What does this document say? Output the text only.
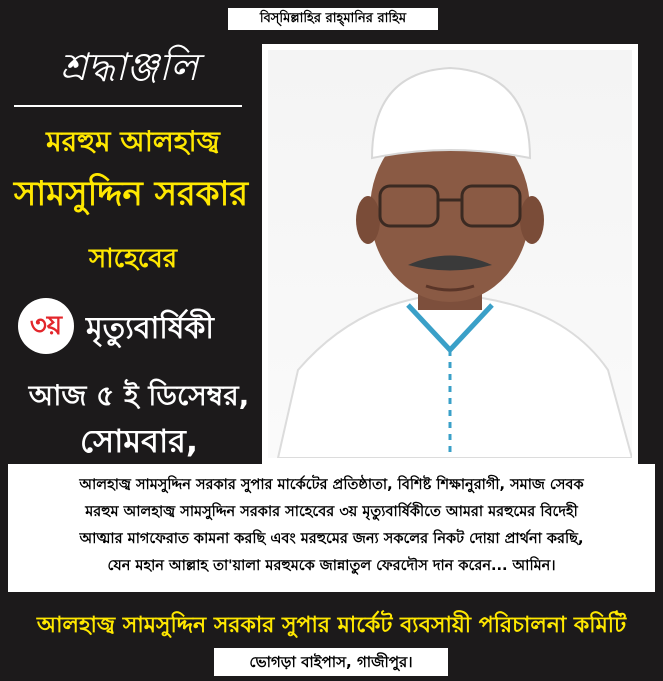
বিস্‌মিল্লাহির রাহ্‌মানির রাহিম
শ্রদ্ধাঞ্জলি
মরহুম আলহাজ্ব
সামসুদ্দিন সরকার
সাহেবের
৩য় মৃত্যুবার্ষিকী
আজ ৫ ই ডিসেম্বর,
সোমবার,
আলহাজ্ব সামসুদ্দিন সরকার সুপার মার্কেটের প্রতিষ্ঠাতা, বিশিষ্ট শিক্ষানুরাগী, সমাজ সেবক
মরহুম আলহাজ্ব সামসুদ্দিন সরকার সাহেবের ৩য় মৃত্যুবার্ষিকীতে আমরা মরহুমের বিদেহী
আত্মার মাগফেরাত কামনা করছি এবং মরহুমের জন্য সকলের নিকট দোয়া প্রার্থনা করছি,
যেন মহান আল্লাহ তা'য়ালা মরহুমকে জান্নাতুল ফেরদৌস দান করেন... আমিন।
আলহাজ্ব সামসুদ্দিন সরকার সুপার মার্কেট ব্যবসায়ী পরিচালনা কমিটি
ভোগড়া বাইপাস, গাজীপুর।
